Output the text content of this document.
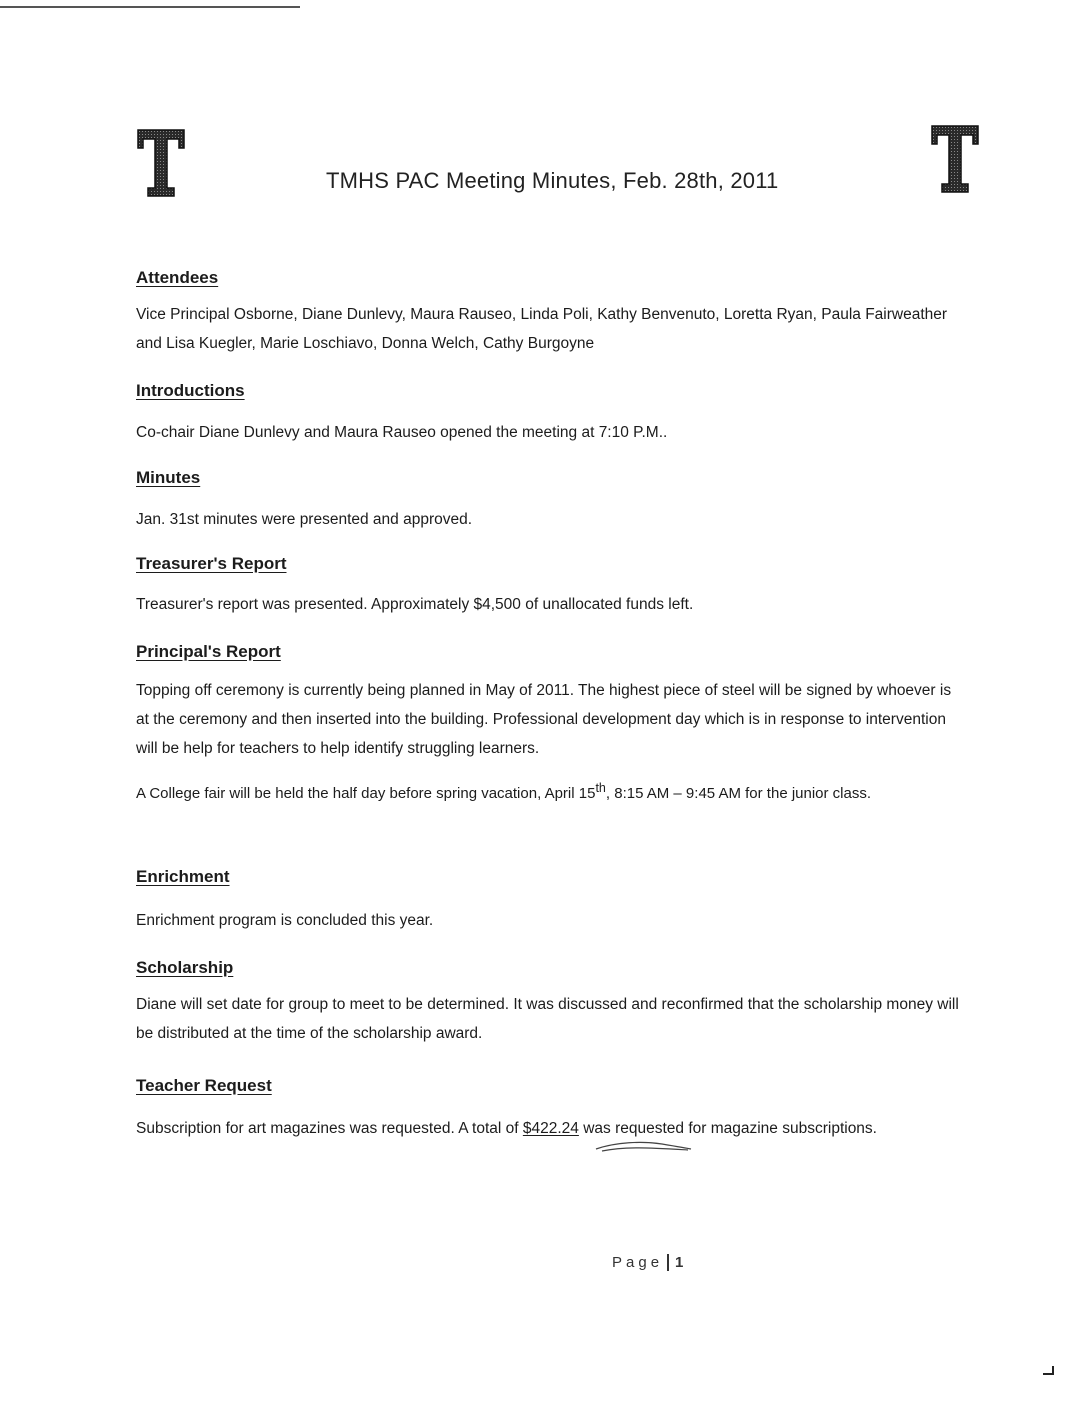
TMHS PAC Meeting Minutes, Feb. 28th, 2011
Attendees
Vice Principal Osborne, Diane Dunlevy, Maura Rauseo, Linda Poli, Kathy Benvenuto, Loretta Ryan, Paula Fairweather and Lisa Kuegler, Marie Loschiavo, Donna Welch, Cathy Burgoyne
Introductions
Co-chair Diane Dunlevy and Maura Rauseo opened the meeting at 7:10 P.M..
Minutes
Jan. 31st minutes were presented and approved.
Treasurer's Report
Treasurer's report was presented. Approximately $4,500 of unallocated funds left.
Principal's Report
Topping off ceremony is currently being planned in May of 2011. The highest piece of steel will be signed by whoever is at the ceremony and then inserted into the building. Professional development day which is in response to intervention will be help for teachers to help identify struggling learners.
A College fair will be held the half day before spring vacation, April 15th, 8:15 AM – 9:45 AM for the junior class.
Enrichment
Enrichment program is concluded this year.
Scholarship
Diane will set date for group to meet to be determined. It was discussed and reconfirmed that the scholarship money will be distributed at the time of the scholarship award.
Teacher Request
Subscription for art magazines was requested. A total of $422.24 was requested for magazine subscriptions.
Page 1
